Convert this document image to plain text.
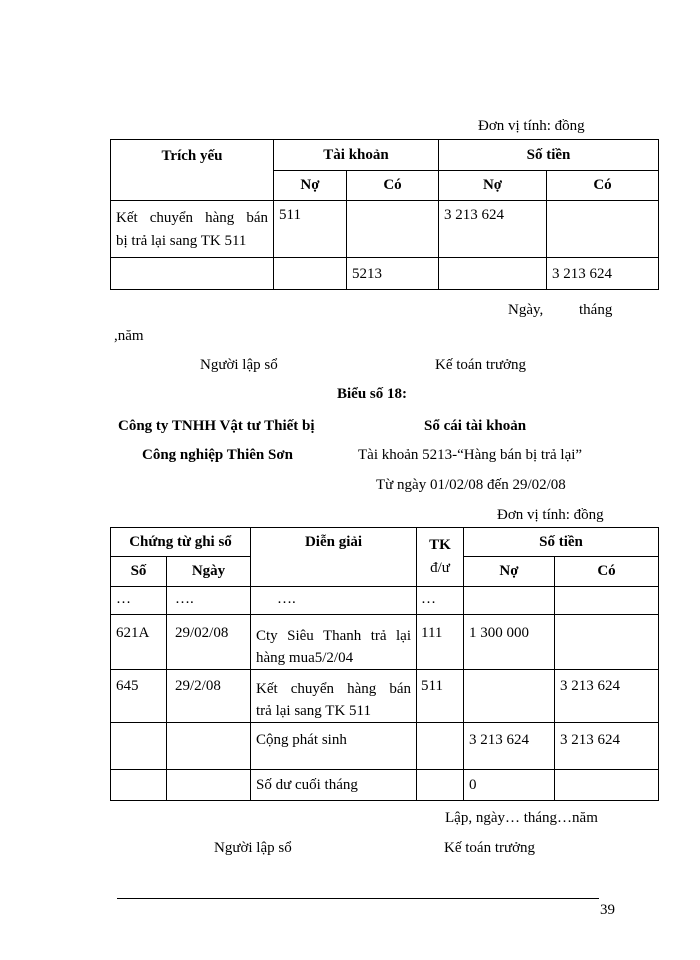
Đơn vị tính: đồng
Trích yếu	Tài khoản		Số tiền	
	Nợ	Có	Nợ	Có

Kết chuyển hàng bán
bị trả lại sang TK 511	511		3 213 624	
		5213		3 213 624
Ngày, tháng
,năm
Người lập sổ	Kế toán trưởng
Biểu số 18:
Công ty TNHH Vật tư Thiết bị
Công nghiệp Thiên Sơn
Sổ cái tài khoản
Tài khoản 5213-“Hàng bán bị trả lại”
Từ ngày 01/02/08 đến 29/02/08
Đơn vị tính: đồng
Chứng từ ghi sổ		Diễn giải	TK
đ/ư	Số tiền	
Số	Ngày			Nợ	Có
…	….	….	…		
621A	29/02/08	Cty Siêu Thanh trả lại
hàng mua5/2/04	111	1 300 000	
645	29/2/08	Kết chuyển hàng bán
trả lại sang TK 511	511		3 213 624
		Cộng phát sinh		3 213 624	3 213 624
		Số dư cuối tháng		0	
Lập, ngày… tháng…năm
Người lập sổ	Kế toán trưởng
39
